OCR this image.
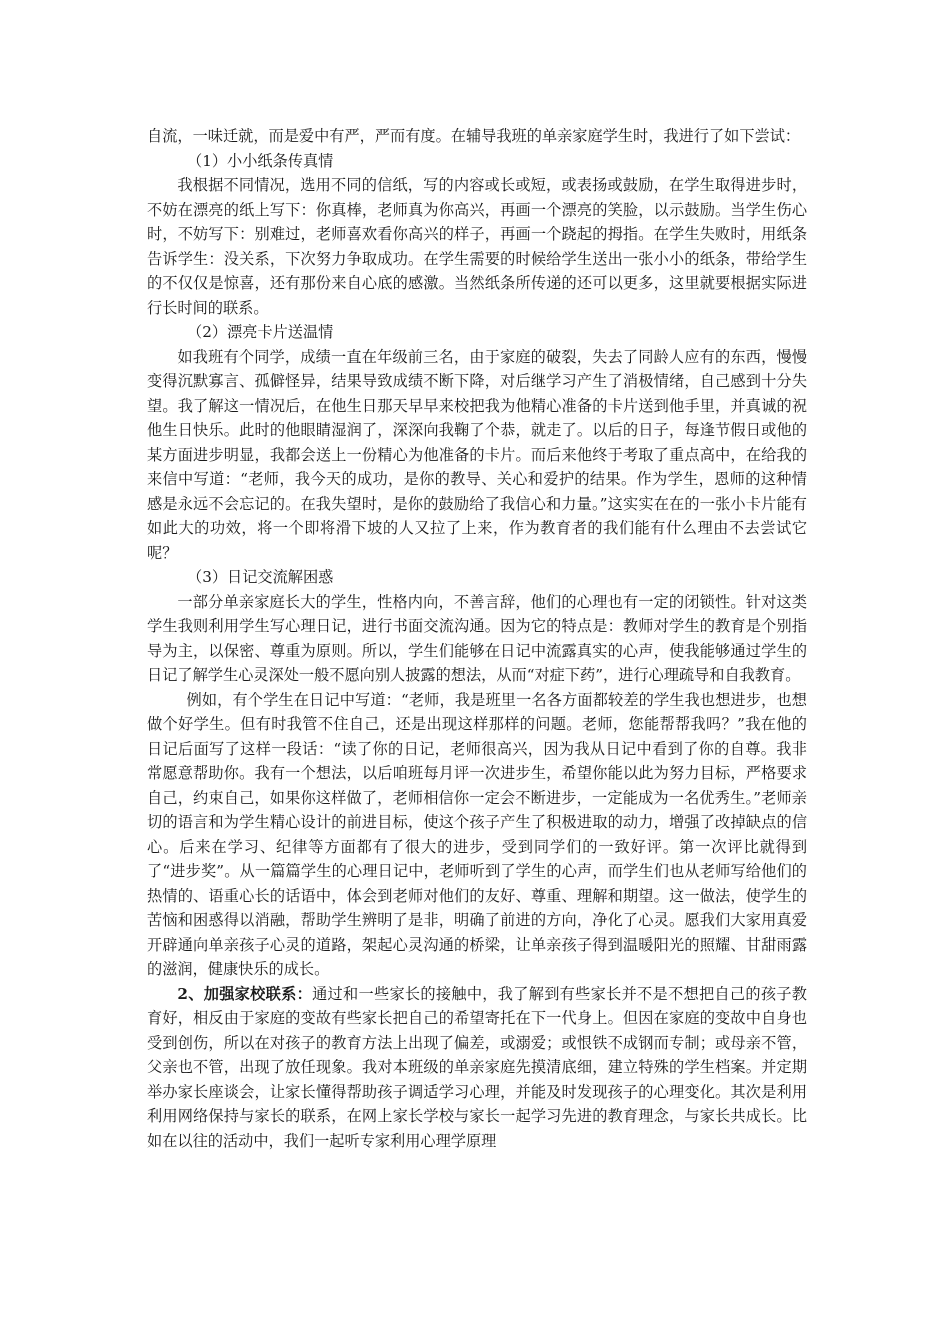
自流，一味迁就，而是爱中有严，严而有度。在辅导我班的单亲家庭学生时，我进行了如下尝试：

（1）小小纸条传真情

我根据不同情况，选用不同的信纸，写的内容或长或短，或表扬或鼓励，在学生取得进步时，不妨在漂亮的纸上写下：你真棒，老师真为你高兴，再画一个漂亮的笑脸，以示鼓励。当学生伤心时，不妨写下：别难过，老师喜欢看你高兴的样子，再画一个跷起的拇指。在学生失败时，用纸条告诉学生：没关系，下次努力争取成功。在学生需要的时候给学生送出一张小小的纸条，带给学生的不仅仅是惊喜，还有那份来自心底的感激。当然纸条所传递的还可以更多，这里就要根据实际进行长时间的联系。

（2）漂亮卡片送温情

如我班有个同学，成绩一直在年级前三名，由于家庭的破裂，失去了同龄人应有的东西，慢慢变得沉默寡言、孤僻怪异，结果导致成绩不断下降，对后继学习产生了消极情绪，自己感到十分失望。我了解这一情况后，在他生日那天早早来校把我为他精心准备的卡片送到他手里，并真诚的祝他生日快乐。此时的他眼睛湿润了，深深向我鞠了个恭，就走了。以后的日子，每逢节假日或他的某方面进步明显，我都会送上一份精心为他准备的卡片。而后来他终于考取了重点高中，在给我的来信中写道：“老师，我今天的成功，是你的教导、关心和爱护的结果。作为学生，恩师的这种情感是永远不会忘记的。在我失望时，是你的鼓励给了我信心和力量。”这实实在在的一张小卡片能有如此大的功效，将一个即将滑下坡的人又拉了上来，作为教育者的我们能有什么理由不去尝试它呢？

（3）日记交流解困惑

一部分单亲家庭长大的学生，性格内向，不善言辞，他们的心理也有一定的闭锁性。针对这类学生我则利用学生写心理日记，进行书面交流沟通。因为它的特点是：教师对学生的教育是个别指导为主，以保密、尊重为原则。所以，学生们能够在日记中流露真实的心声，使我能够通过学生的日记了解学生心灵深处一般不愿向别人披露的想法，从而“对症下药”，进行心理疏导和自我教育。

例如，有个学生在日记中写道：“老师，我是班里一名各方面都较差的学生我也想进步，也想做个好学生。但有时我管不住自己，还是出现这样那样的问题。老师，您能帮帮我吗？”我在他的日记后面写了这样一段话：“读了你的日记，老师很高兴，因为我从日记中看到了你的自尊。我非常愿意帮助你。我有一个想法，以后咱班每月评一次进步生，希望你能以此为努力目标，严格要求自己，约束自己，如果你这样做了，老师相信你一定会不断进步，一定能成为一名优秀生。”老师亲切的语言和为学生精心设计的前进目标，使这个孩子产生了积极进取的动力，增强了改掉缺点的信心。后来在学习、纪律等方面都有了很大的进步，受到同学们的一致好评。第一次评比就得到了“进步奖”。从一篇篇学生的心理日记中，老师听到了学生的心声，而学生们也从老师写给他们的热情的、语重心长的话语中，体会到老师对他们的友好、尊重、理解和期望。这一做法，使学生的苦恼和困惑得以消融，帮助学生辨明了是非，明确了前进的方向，净化了心灵。愿我们大家用真爱开辟通向单亲孩子心灵的道路，架起心灵沟通的桥梁，让单亲孩子得到温暖阳光的照耀、甘甜雨露的滋润，健康快乐的成长。

2、加强家校联系：通过和一些家长的接触中，我了解到有些家长并不是不想把自己的孩子教育好，相反由于家庭的变故有些家长把自己的希望寄托在下一代身上。但因在家庭的变故中自身也受到创伤，所以在对孩子的教育方法上出现了偏差，或溺爱；或恨铁不成钢而专制；或母亲不管，父亲也不管，出现了放任现象。我对本班级的单亲家庭先摸清底细，建立特殊的学生档案。并定期举办家长座谈会，让家长懂得帮助孩子调适学习心理，并能及时发现孩子的心理变化。其次是利用利用网络保持与家长的联系，在网上家长学校与家长一起学习先进的教育理念，与家长共成长。比如在以往的活动中，我们一起听专家利用心理学原理
